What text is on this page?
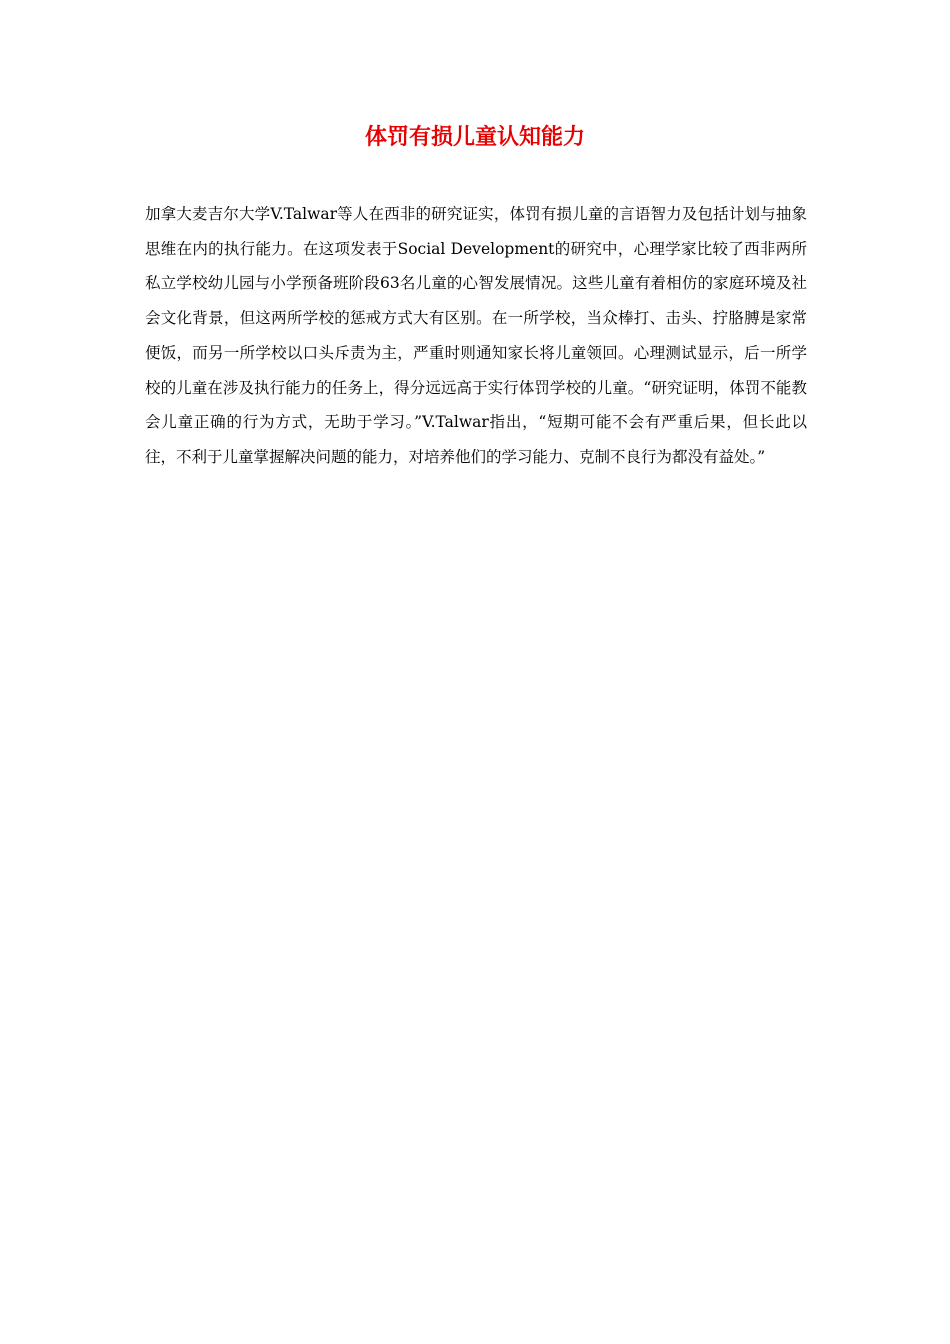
体罚有损儿童认知能力

加拿大麦吉尔大学V.Talwar等人在西非的研究证实，体罚有损儿童的言语智力及包括计划与抽象思维在内的执行能力。在这项发表于Social Development的研究中，心理学家比较了西非两所私立学校幼儿园与小学预备班阶段63名儿童的心智发展情况。这些儿童有着相仿的家庭环境及社会文化背景，但这两所学校的惩戒方式大有区别。在一所学校，当众棒打、击头、拧胳膊是家常便饭，而另一所学校以口头斥责为主，严重时则通知家长将儿童领回。心理测试显示，后一所学校的儿童在涉及执行能力的任务上，得分远远高于实行体罚学校的儿童。“研究证明，体罚不能教会儿童正确的行为方式，无助于学习。”V.Talwar指出，“短期可能不会有严重后果，但长此以往，不利于儿童掌握解决问题的能力，对培养他们的学习能力、克制不良行为都没有益处。”
